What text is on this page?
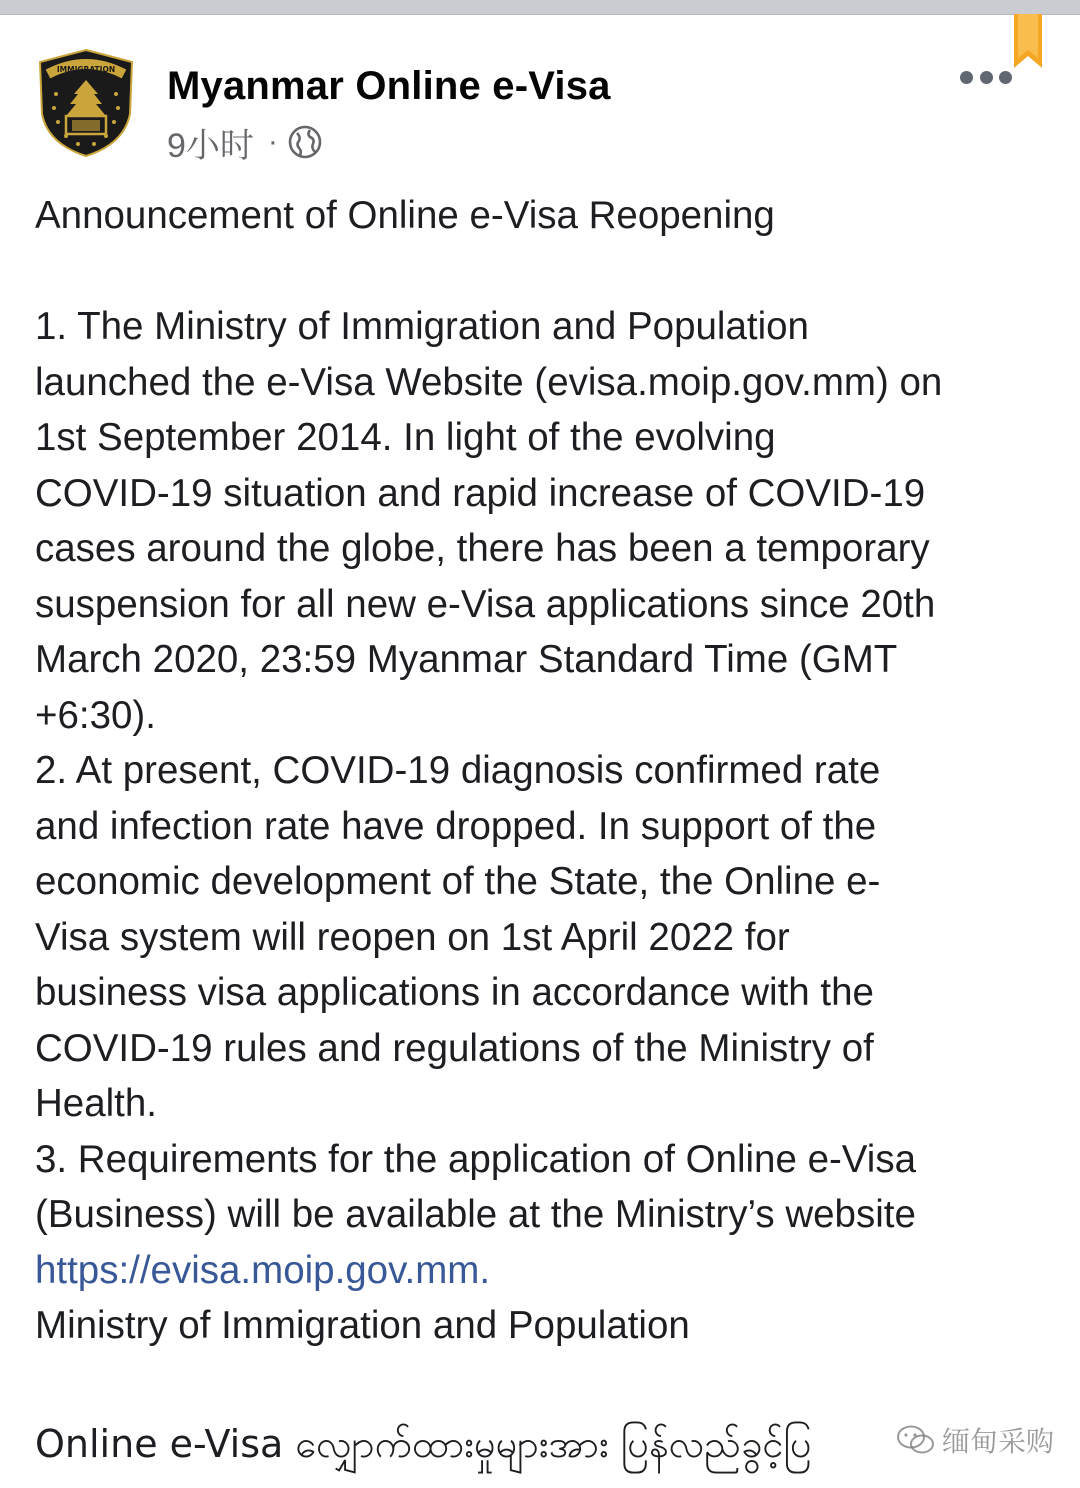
IMMIGRATION Myanmar Online e-Visa
9小时 ·

Announcement of Online e-Visa Reopening

1. The Ministry of Immigration and Population

launched the e-Visa Website (evisa.moip.gov.mm) on

1st September 2014. In light of the evolving

COVID-19 situation and rapid increase of COVID-19

cases around the globe, there has been a temporary

suspension for all new e-Visa applications since 20th

March 2020, 23:59 Myanmar Standard Time (GMT

+6:30).

2. At present, COVID-19 diagnosis confirmed rate

and infection rate have dropped. In support of the

economic development of the State, the Online e-

Visa system will reopen on 1st April 2022 for

business visa applications in accordance with the

COVID-19 rules and regulations of the Ministry of

Health.

3. Requirements for the application of Online e-Visa

(Business) will be available at the Ministry’s website

https://evisa.moip.gov.mm.

Ministry of Immigration and Population

Online e-Visa လျှောက်ထားမှုများအား ပြန်လည်ခွင့်ပြ	缅甸采购
